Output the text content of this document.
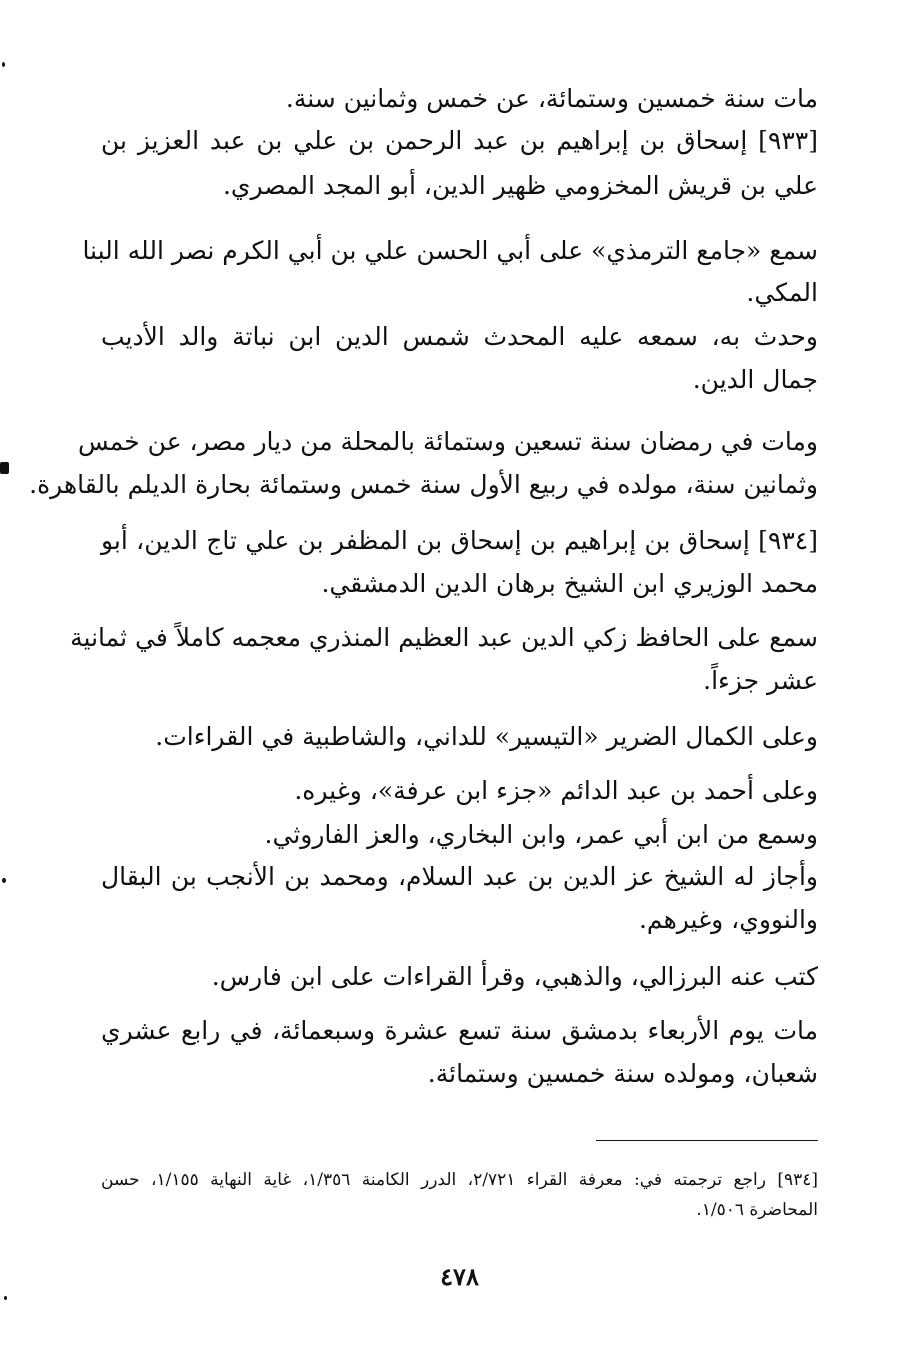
مات سنة خمسين وستمائة، عن خمس وثمانين سنة.
[٩٣٣] إسحاق بن إبراهيم بن عبد الرحمن بن علي بن عبد العزيز بن
علي بن قريش المخزومي ظهير الدين، أبو المجد المصري.
سمع «جامع الترمذي» على أبي الحسن علي بن أبي الكرم نصر الله البنا
المكي.
وحدث به، سمعه عليه المحدث شمس الدين ابن نباتة والد الأديب
جمال الدين.
ومات في رمضان سنة تسعين وستمائة بالمحلة من ديار مصر، عن خمس
وثمانين سنة، مولده في ربيع الأول سنة خمس وستمائة بحارة الديلم بالقاهرة.
[٩٣٤] إسحاق بن إبراهيم بن إسحاق بن المظفر بن علي تاج الدين، أبو
محمد الوزيري ابن الشيخ برهان الدين الدمشقي.
سمع على الحافظ زكي الدين عبد العظيم المنذري معجمه كاملاً في ثمانية
عشر جزءاً.
وعلى الكمال الضرير «التيسير» للداني، والشاطبية في القراءات.
وعلى أحمد بن عبد الدائم «جزء ابن عرفة»، وغيره.
وسمع من ابن أبي عمر، وابن البخاري، والعز الفاروثي.
وأجاز له الشيخ عز الدين بن عبد السلام، ومحمد بن الأنجب بن البقال
والنووي، وغيرهم.
كتب عنه البرزالي، والذهبي، وقرأ القراءات على ابن فارس.
مات يوم الأربعاء بدمشق سنة تسع عشرة وسبعمائة، في رابع عشري
شعبان، ومولده سنة خمسين وستمائة.
[٩٣٤] راجع ترجمته في: معرفة القراء ٢/٧٢١، الدرر الكامنة ١/٣٥٦، غاية النهاية ١/١٥٥، حسن
المحاضرة ١/٥٠٦.
٤٧٨
